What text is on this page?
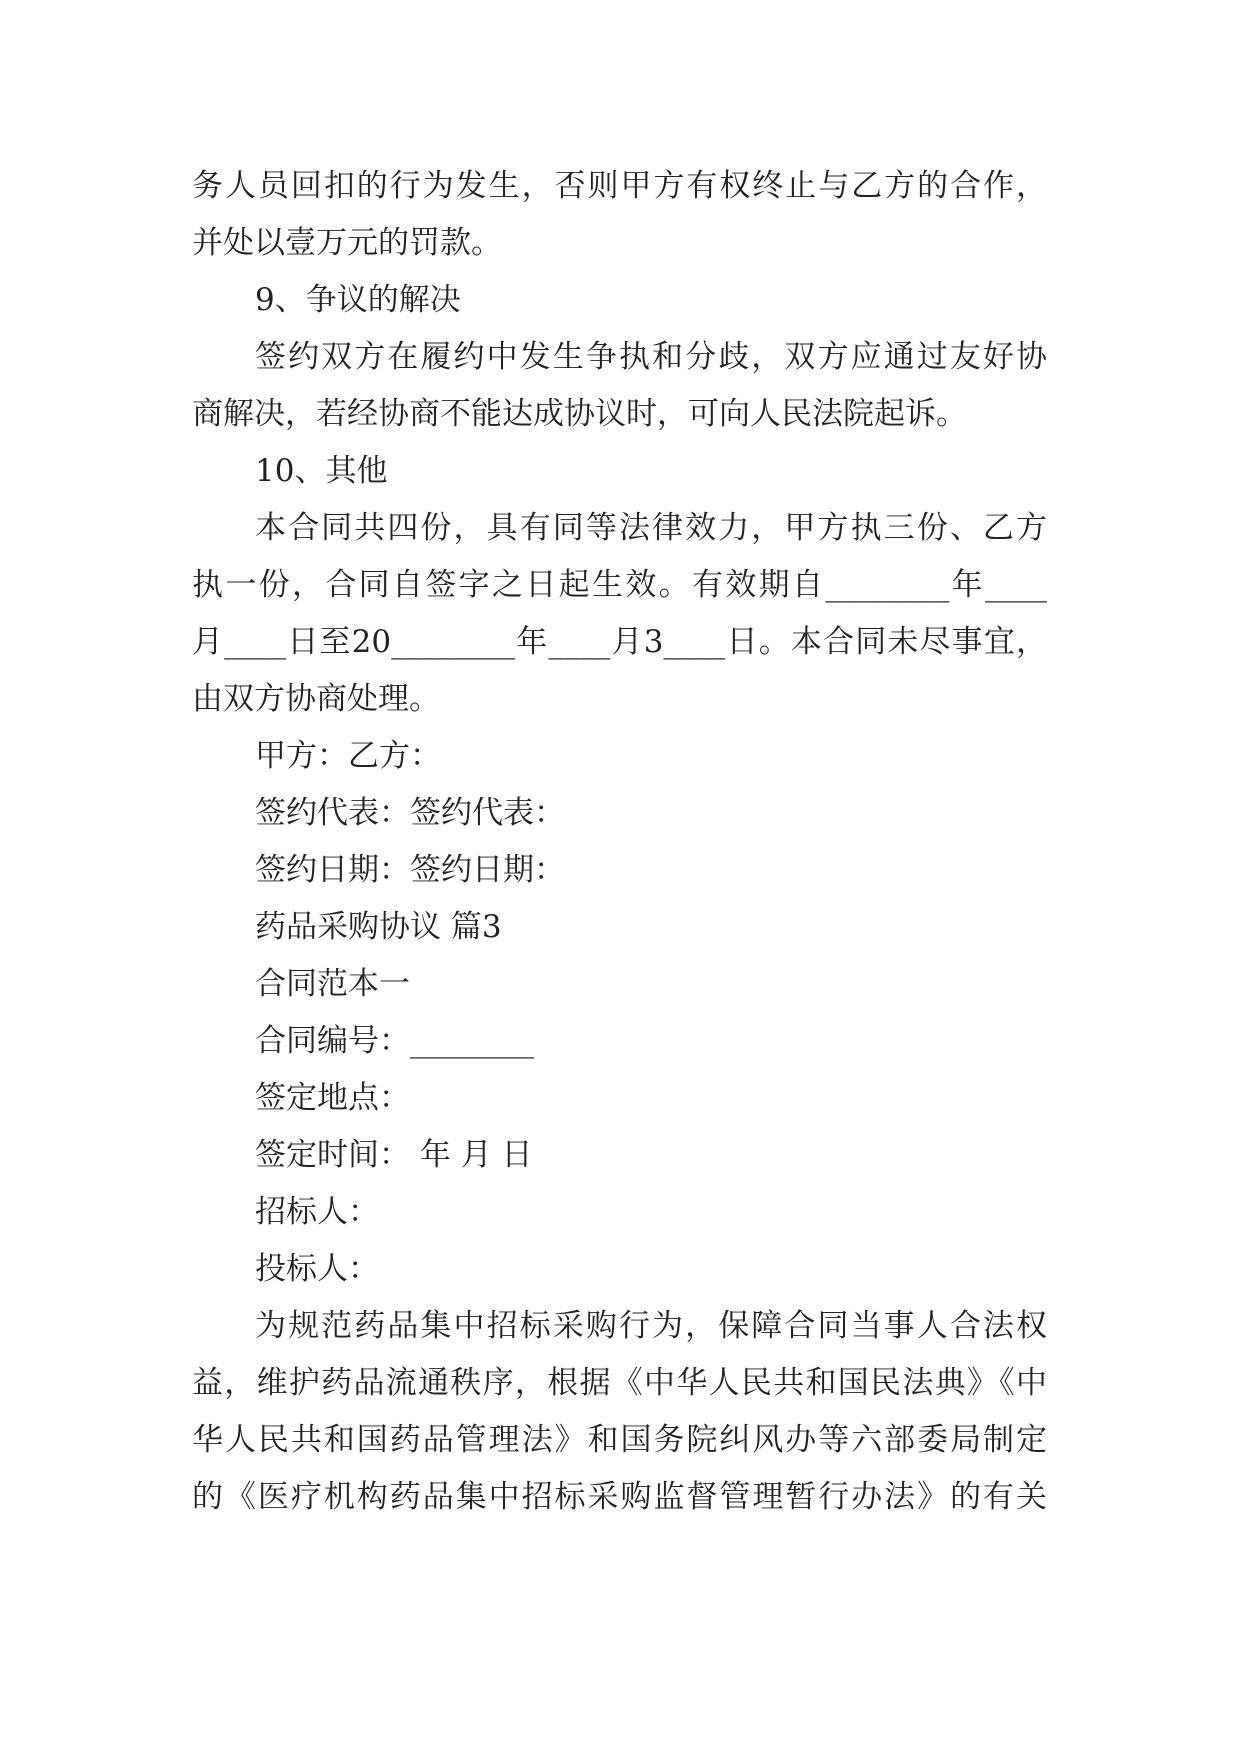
务人员回扣的行为发生，否则甲方有权终止与乙方的合作，
并处以壹万元的罚款。
9、争议的解决
签约双方在履约中发生争执和分歧，双方应通过友好协
商解决，若经协商不能达成协议时，可向人民法院起诉。
10、其他
本合同共四份，具有同等法律效力，甲方执三份、乙方
执一份，合同自签字之日起生效。有效期自________年____
月____日至20________年____月3____日。本合同未尽事宜，
由双方协商处理。
甲方：乙方：
签约代表：签约代表：
签约日期：签约日期：
药品采购协议 篇3
合同范本一
合同编号：________
签定地点：
签定时间： 年 月 日
招标人：
投标人：
为规范药品集中招标采购行为，保障合同当事人合法权
益，维护药品流通秩序，根据《中华人民共和国民法典》《中
华人民共和国药品管理法》和国务院纠风办等六部委局制定
的《医疗机构药品集中招标采购监督管理暂行办法》的有关
